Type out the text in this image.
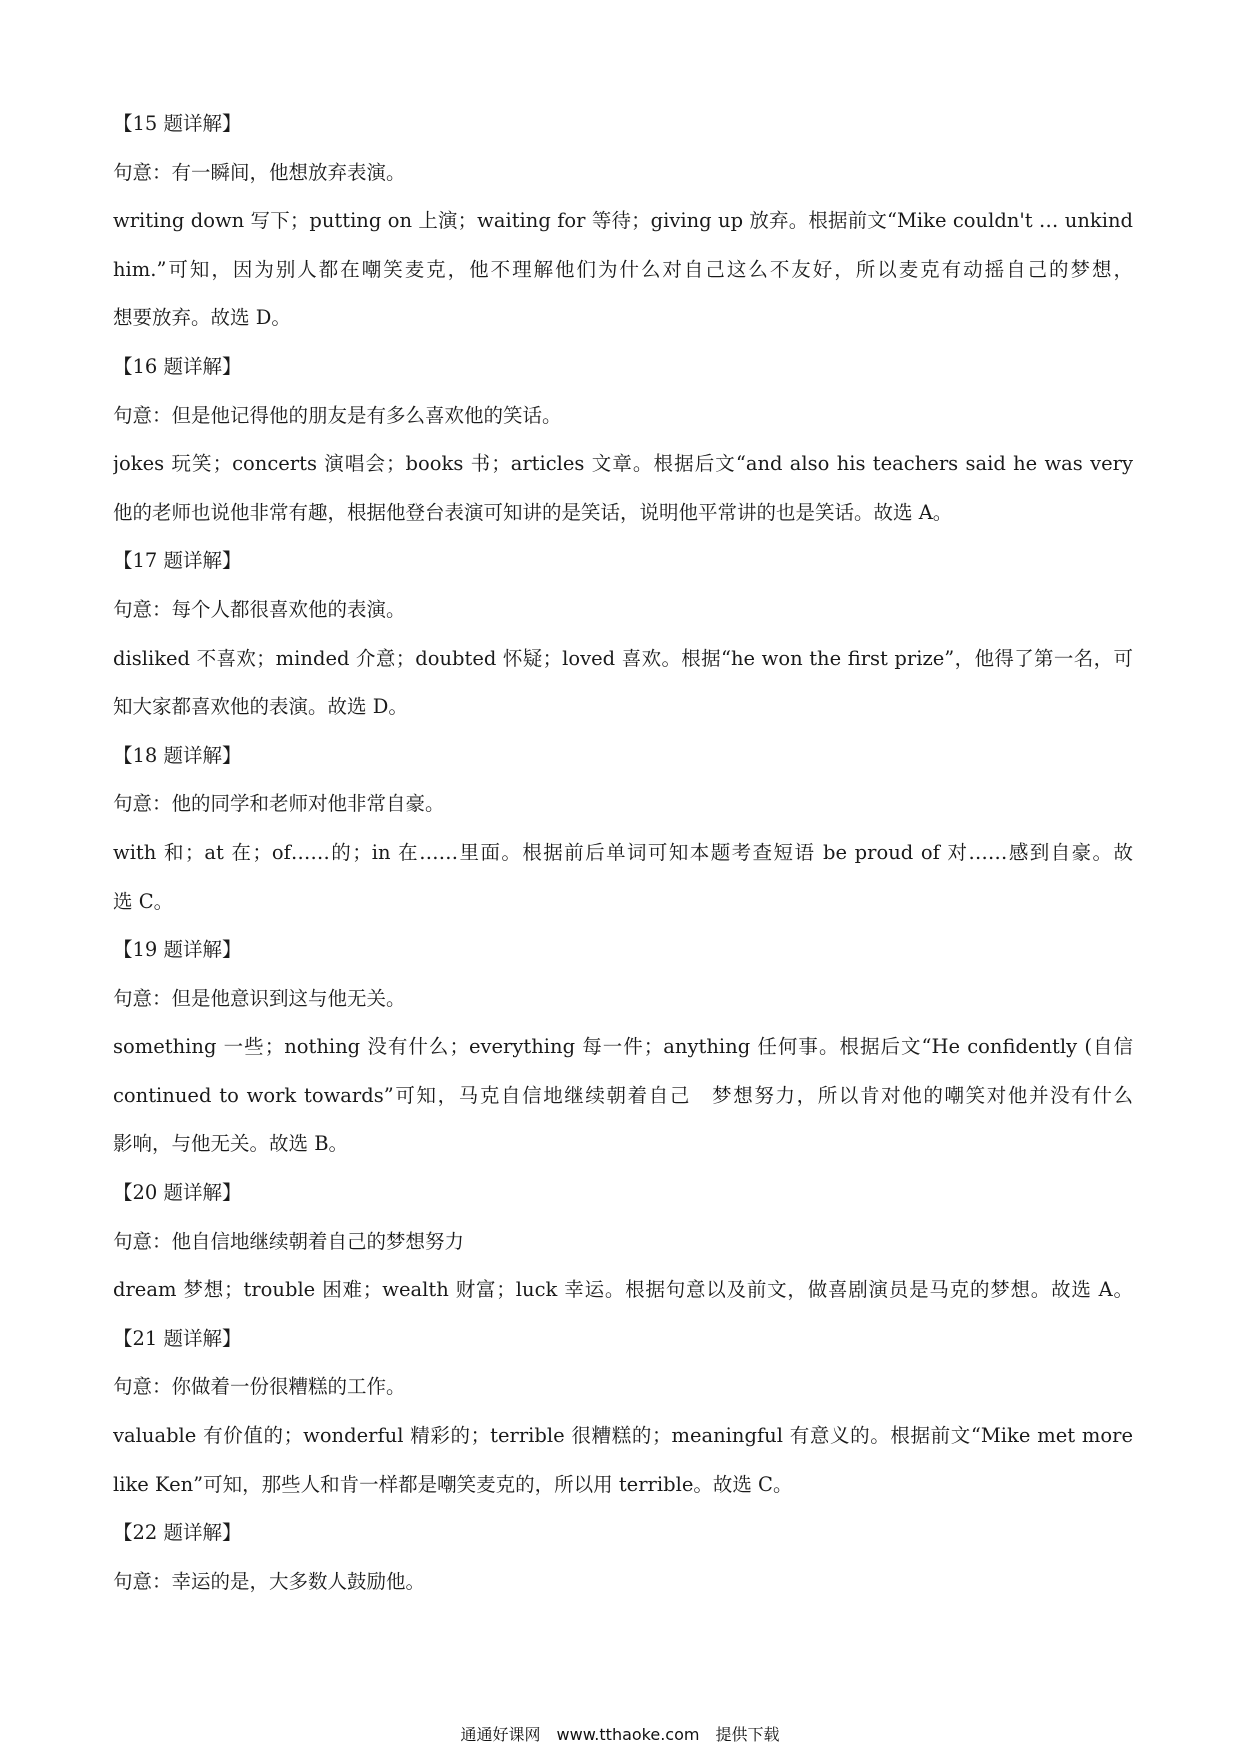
【15 题详解】

句意：有一瞬间，他想放弃表演。

writing down 写下；putting on 上演；waiting for 等待；giving up 放弃。根据前文“Mike couldn't … unkind

him.”可知，因为别人都在嘲笑麦克，他不理解他们为什么对自己这么不友好，所以麦克有动摇自己的梦想，

想要放弃。故选 D。

【16 题详解】

句意：但是他记得他的朋友是有多么喜欢他的笑话。

jokes 玩笑；concerts 演唱会；books 书；articles 文章。根据后文“and also his teachers said he was very

他的老师也说他非常有趣，根据他登台表演可知讲的是笑话，说明他平常讲的也是笑话。故选 A。

【17 题详解】

句意：每个人都很喜欢他的表演。

disliked 不喜欢；minded 介意；doubted 怀疑；loved 喜欢。根据“he won the first prize”，他得了第一名，可

知大家都喜欢他的表演。故选 D。

【18 题详解】

句意：他的同学和老师对他非常自豪。

with 和；at 在；of……的；in 在……里面。根据前后单词可知本题考查短语 be proud of 对……感到自豪。故

选 C。

【19 题详解】

句意：但是他意识到这与他无关。

something 一些；nothing 没有什么；everything 每一件；anything 任何事。根据后文“He confidently (自信

continued to work towards”可知，马克自信地继续朝着自己　梦想努力，所以肯对他的嘲笑对他并没有什么

影响，与他无关。故选 B。

【20 题详解】

句意：他自信地继续朝着自己的梦想努力

dream 梦想；trouble 困难；wealth 财富；luck 幸运。根据句意以及前文，做喜剧演员是马克的梦想。故选 A。

【21 题详解】

句意：你做着一份很糟糕的工作。

valuable 有价值的；wonderful 精彩的；terrible 很糟糕的；meaningful 有意义的。根据前文“Mike met more

like Ken”可知，那些人和肯一样都是嘲笑麦克的，所以用 terrible。故选 C。

【22 题详解】

句意：幸运的是，大多数人鼓励他。

通通好课网　www.tthaoke.com　提供下载
